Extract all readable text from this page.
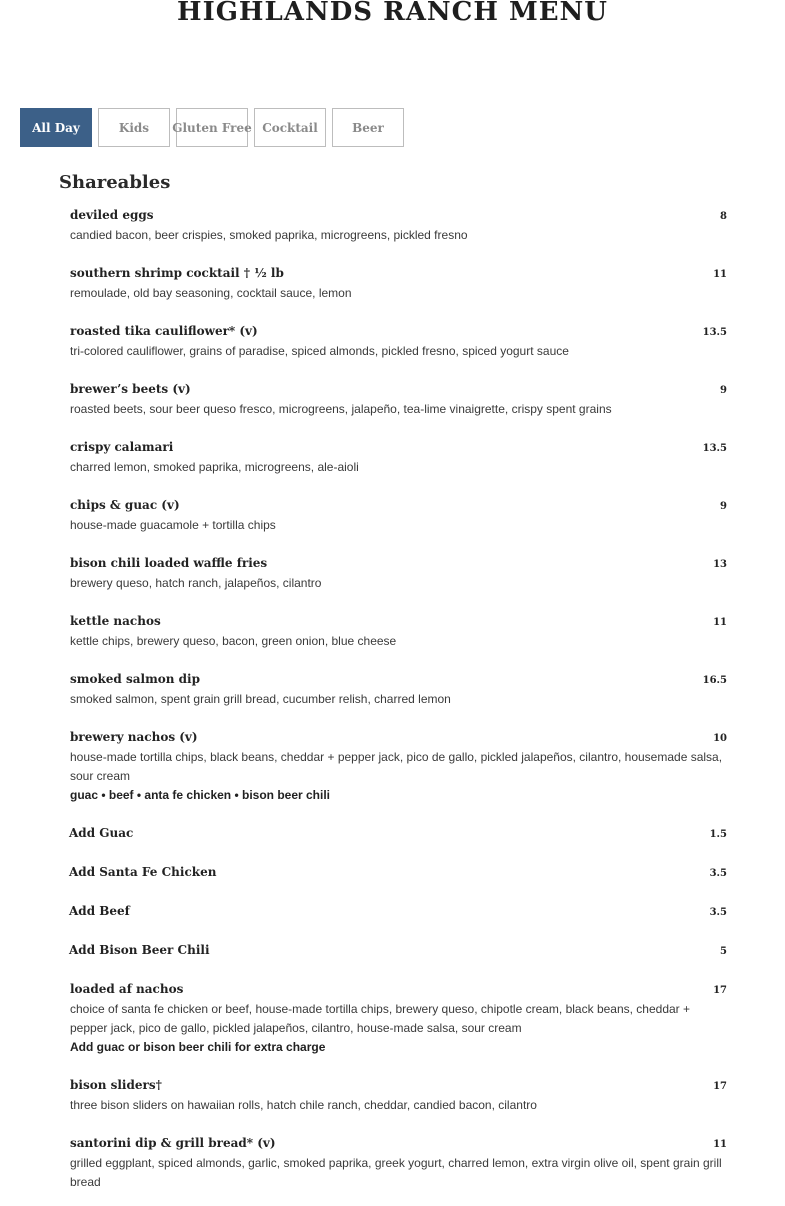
HIGHLANDS RANCH MENU
All Day	Kids	Gluten Free Cocktail	Beer
Shareables
deviled eggs	8
candied bacon, beer crispies, smoked paprika, microgreens, pickled fresno
southern shrimp cocktail † ½ lb	11
remoulade, old bay seasoning, cocktail sauce, lemon
roasted tika cauliflower* (v)	13.5
tri-colored cauliflower, grains of paradise, spiced almonds, pickled fresno, spiced yogurt sauce
brewer’s beets (v)	9
roasted beets, sour beer queso fresco, microgreens, jalapeño, tea-lime vinaigrette, crispy spent grains
crispy calamari	13.5
charred lemon, smoked paprika, microgreens, ale-aioli
chips & guac (v)	9
house-made guacamole + tortilla chips
bison chili loaded waffle fries	13
brewery queso, hatch ranch, jalapeños, cilantro
kettle nachos	11
kettle chips, brewery queso, bacon, green onion, blue cheese
smoked salmon dip	16.5
smoked salmon, spent grain grill bread, cucumber relish, charred lemon
brewery nachos (v)	10
house-made tortilla chips, black beans, cheddar + pepper jack, pico de gallo, pickled jalapeños, cilantro, housemade salsa, sour cream
guac • beef • anta fe chicken • bison beer chili
Add Guac	1.5
Add Santa Fe Chicken	3.5
Add Beef	3.5
Add Bison Beer Chili	5
loaded af nachos	17
choice of santa fe chicken or beef, house-made tortilla chips, brewery queso, chipotle cream, black beans, cheddar + pepper jack, pico de gallo, pickled jalapeños, cilantro, house-made salsa, sour cream
Add guac or bison beer chili for extra charge
bison sliders†	17
three bison sliders on hawaiian rolls, hatch chile ranch, cheddar, candied bacon, cilantro
santorini dip & grill bread* (v)	11
grilled eggplant, spiced almonds, garlic, smoked paprika, greek yogurt, charred lemon, extra virgin olive oil, spent grain grill bread
